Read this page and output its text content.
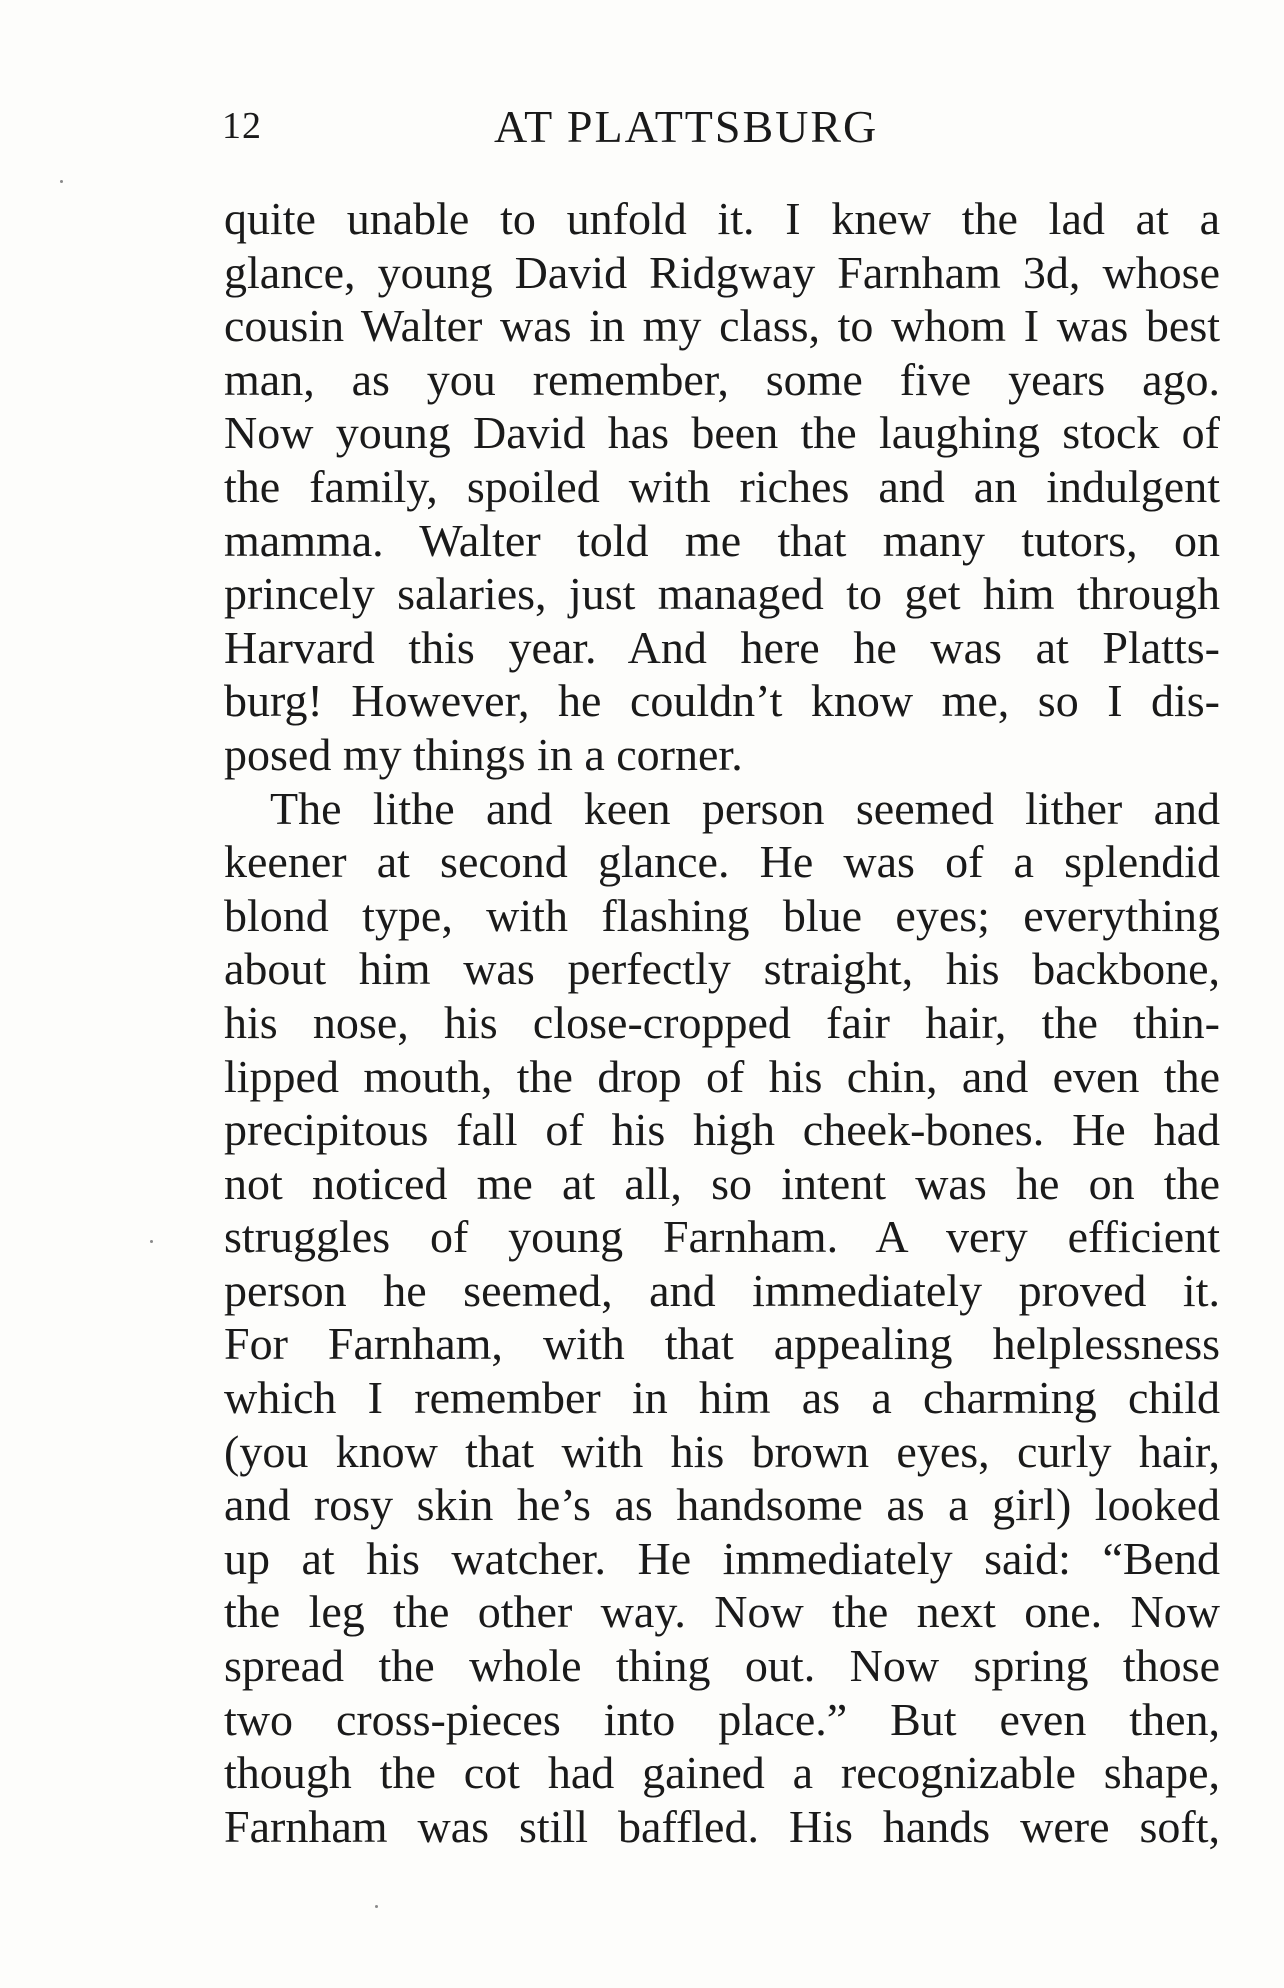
12	AT PLATTSBURG
quite unable to unfold it. I knew the lad at a
glance, young David Ridgway Farnham 3d, whose
cousin Walter was in my class, to whom I was best
man, as you remember, some five years ago.
Now young David has been the laughing stock of
the family, spoiled with riches and an indulgent
mamma. Walter told me that many tutors, on
princely salaries, just managed to get him through
Harvard this year. And here he was at Platts-
burg! However, he couldn’t know me, so I dis-
posed my things in a corner.
The lithe and keen person seemed lither and
keener at second glance. He was of a splendid
blond type, with flashing blue eyes; everything
about him was perfectly straight, his backbone,
his nose, his close-cropped fair hair, the thin-
lipped mouth, the drop of his chin, and even the
precipitous fall of his high cheek-bones. He had
not noticed me at all, so intent was he on the
struggles of young Farnham. A very efficient
person he seemed, and immediately proved it.
For Farnham, with that appealing helplessness
which I remember in him as a charming child
(you know that with his brown eyes, curly hair,
and rosy skin he’s as handsome as a girl) looked
up at his watcher. He immediately said: “Bend
the leg the other way. Now the next one. Now
spread the whole thing out. Now spring those
two cross-pieces into place.” But even then,
though the cot had gained a recognizable shape,
Farnham was still baffled. His hands were soft,
